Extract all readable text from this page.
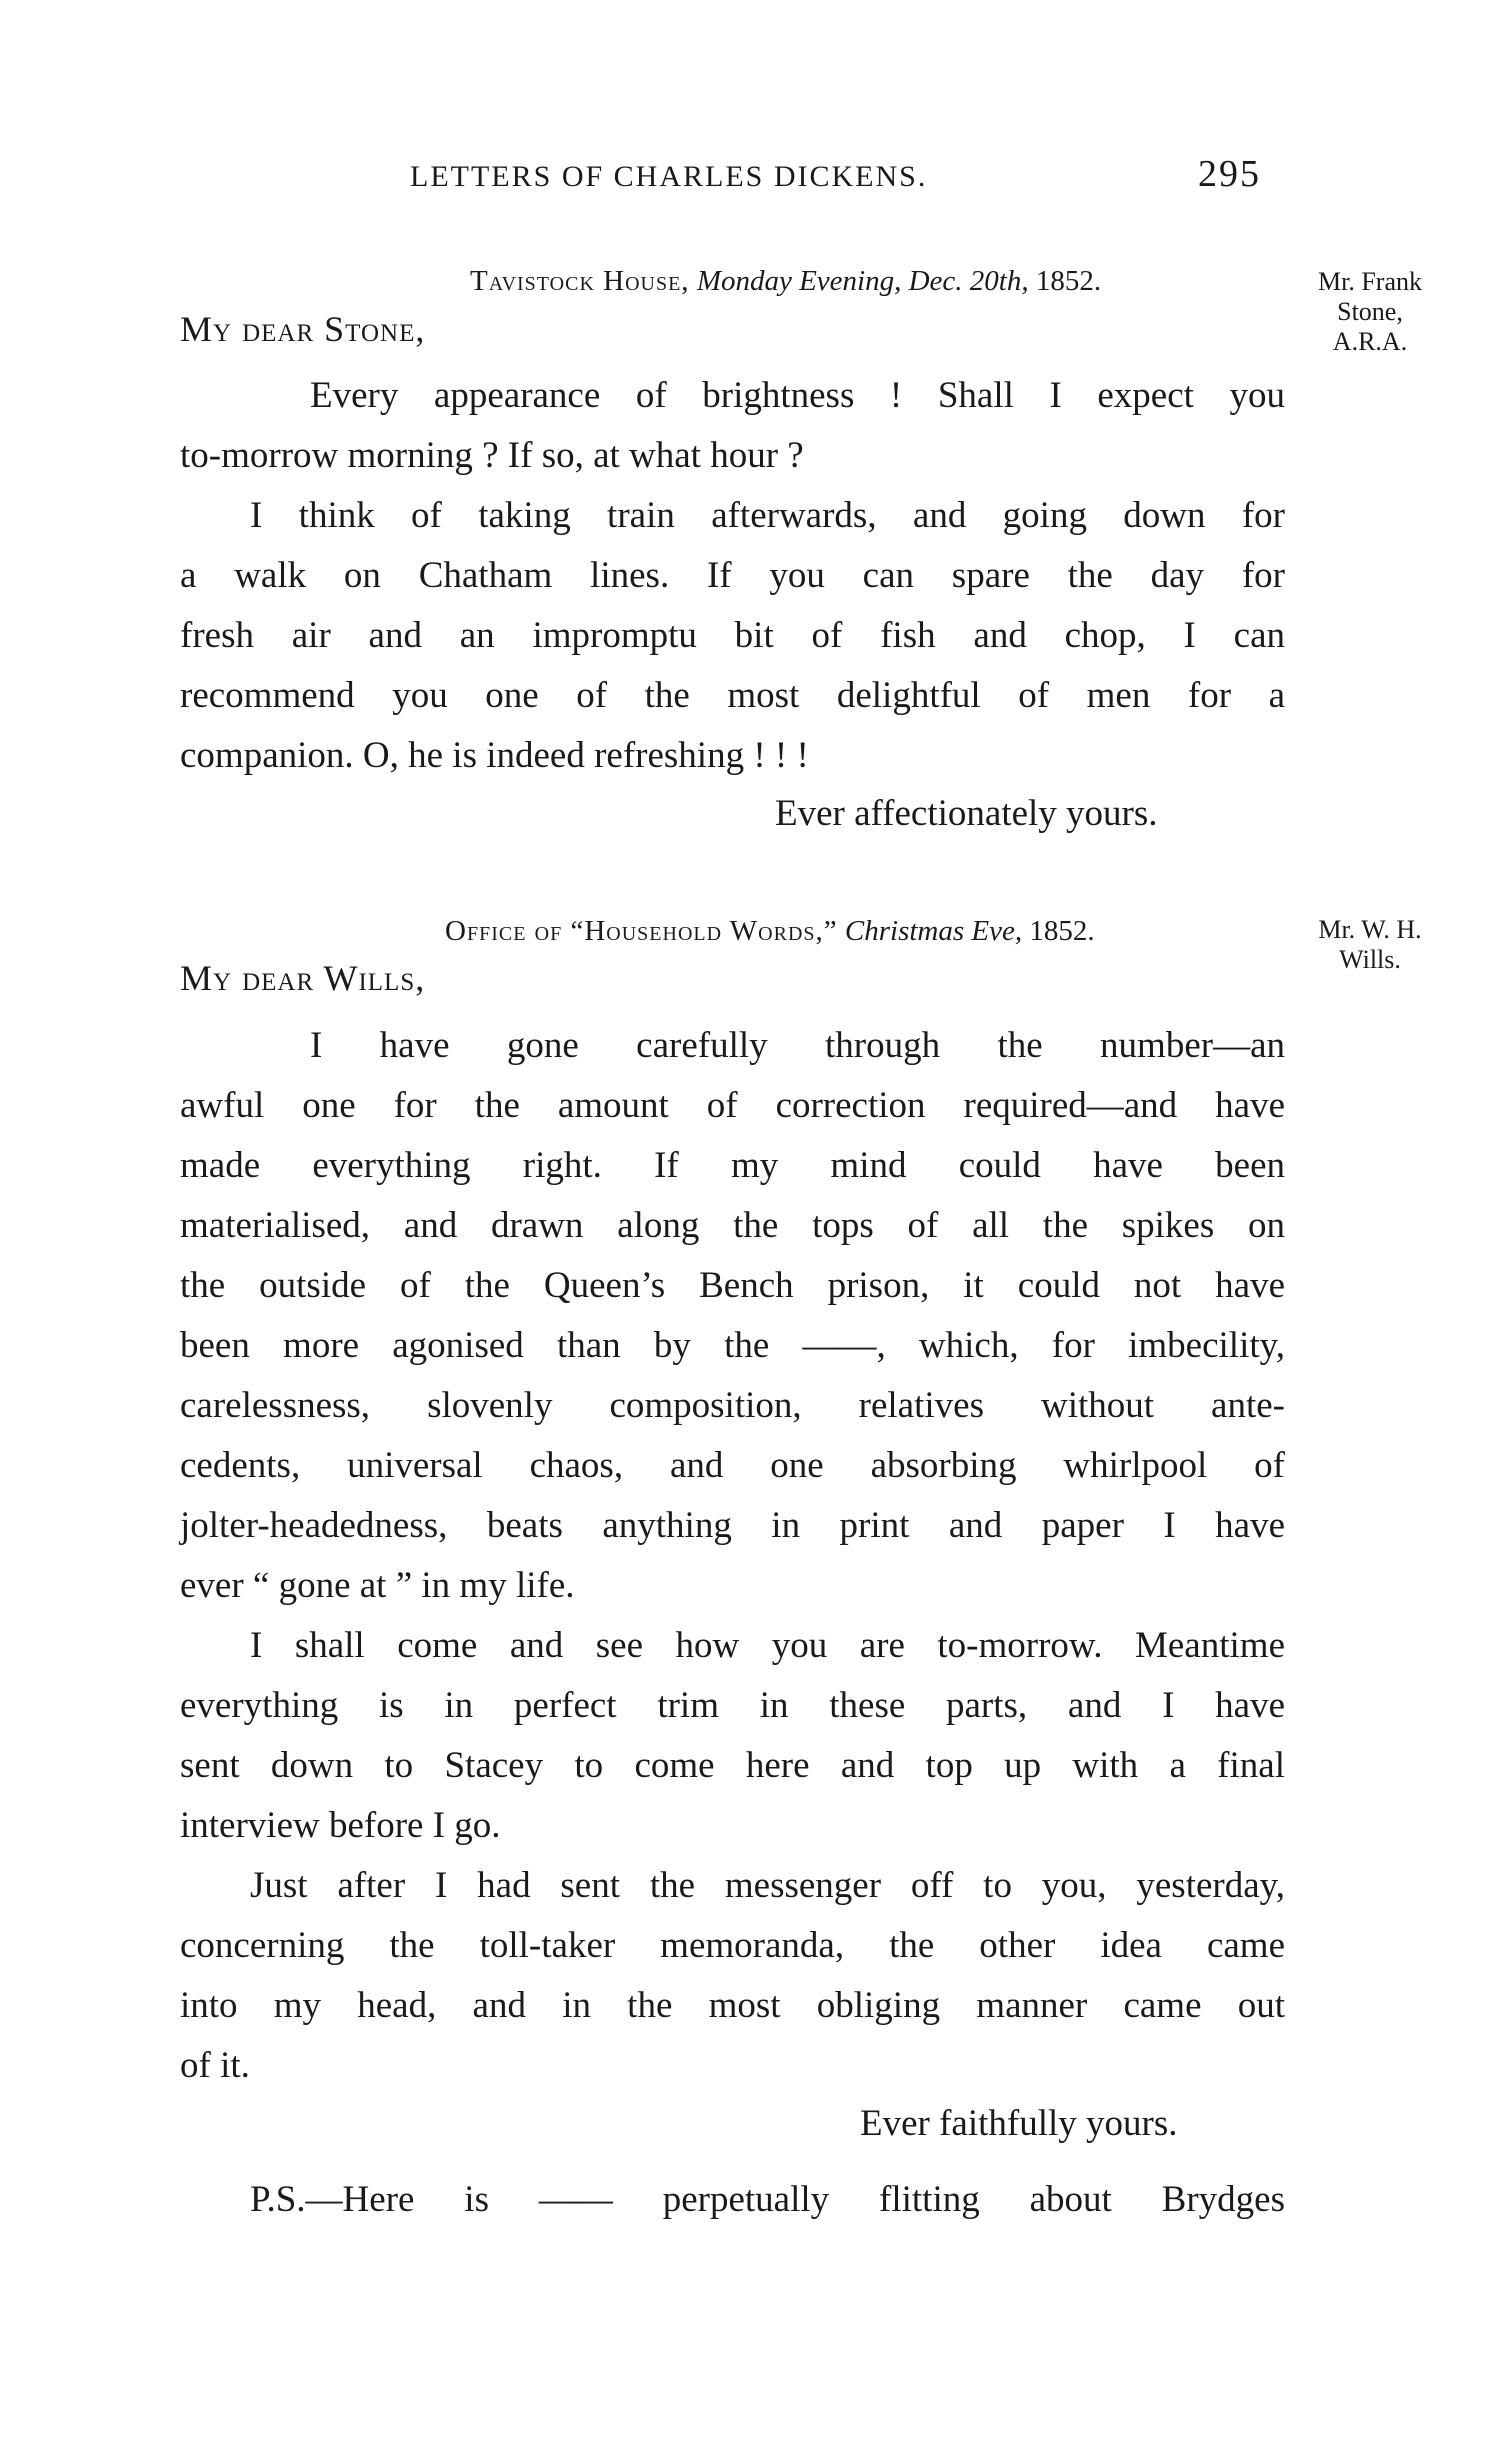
LETTERS OF CHARLES DICKENS.	295
Tavistock House, Monday Evening, Dec. 20th, 1852.	Mr. Frank
Stone,
A.R.A.
My dear Stone,
Every appearance of brightness ! Shall I expect you
to-morrow morning ? If so, at what hour ?
I think of taking train afterwards, and going down for
a walk on Chatham lines. If you can spare the day for
fresh air and an impromptu bit of fish and chop, I can
recommend you one of the most delightful of men for a
companion. O, he is indeed refreshing ! ! !
Ever affectionately yours.
Office of “Household Words,” Christmas Eve, 1852.	Mr. W. H.
Wills.
My dear Wills,
I have gone carefully through the number—an
awful one for the amount of correction required—and have
made everything right. If my mind could have been
materialised, and drawn along the tops of all the spikes on
the outside of the Queen’s Bench prison, it could not have
been more agonised than by the ——, which, for imbecility,
carelessness, slovenly composition, relatives without ante-
cedents, universal chaos, and one absorbing whirlpool of
jolter-headedness, beats anything in print and paper I have
ever “ gone at ” in my life.
I shall come and see how you are to-morrow. Meantime
everything is in perfect trim in these parts, and I have
sent down to Stacey to come here and top up with a final
interview before I go.
Just after I had sent the messenger off to you, yesterday,
concerning the toll-taker memoranda, the other idea came
into my head, and in the most obliging manner came out
of it.
Ever faithfully yours.
P.S.—Here is —— perpetually flitting about Brydges
